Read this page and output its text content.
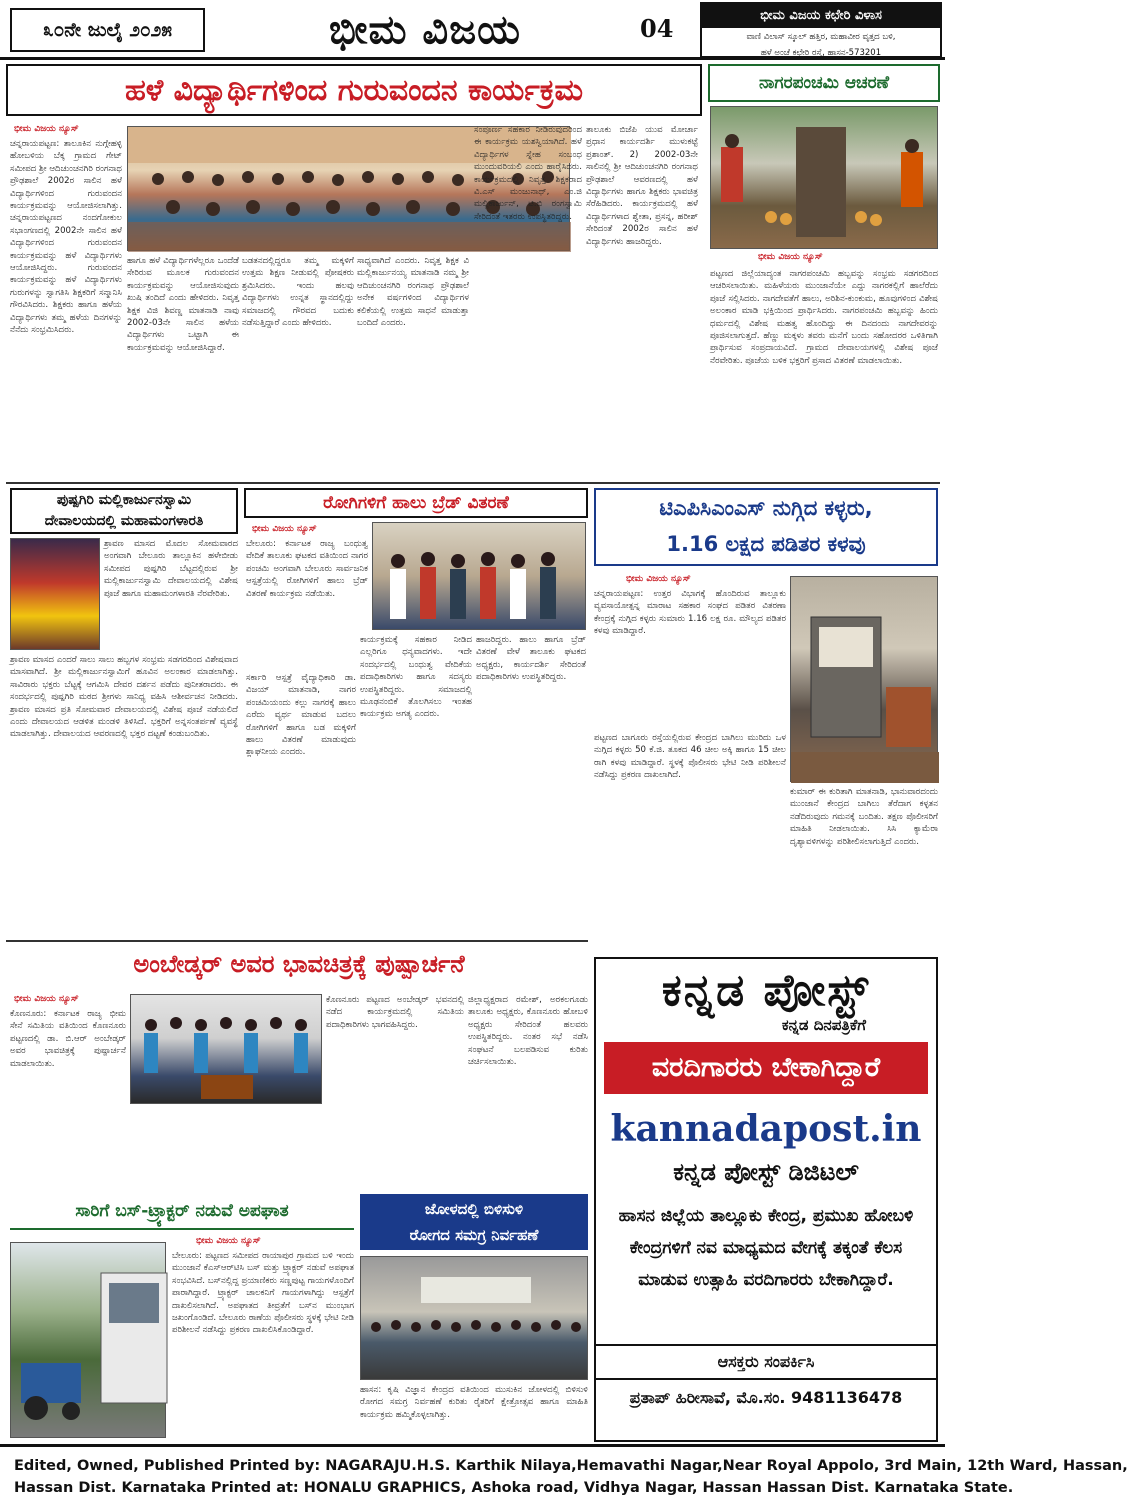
೩೦ನೇ ಜುಲೈ ೨೦೨೫	ಭೀಮ ವಿಜಯ	04	ಭೀಮ ವಿಜಯ ಕಛೇರಿ ವಿಳಾಸ
ವಾಣಿ ವಿಲಾಸ್ ಸ್ಕೂಲ್ ಹತ್ತಿರ, ಮಹಾವೀರ ವೃತ್ತದ ಬಳಿ,
ಹಳೆ ಅಂಚೆ ಕಛೇರಿ ರಸ್ತೆ, ಹಾಸನ-573201
ಹಳೆ ವಿದ್ಯಾರ್ಥಿಗಳಿಂದ ಗುರುವಂದನ ಕಾರ್ಯಕ್ರಮ
ಭೀಮ ವಿಜಯ ನ್ಯೂಸ್
ಚನ್ನರಾಯಪಟ್ಟಣ: ತಾಲೂಕಿನ ನುಗ್ಗೇಹಳ್ಳಿ ಹೋಬಳಿಯ ಬೆಕ್ಕ ಗ್ರಾಮದ ಗೇಟ್ ಸಮೀಪದ ಶ್ರೀ ಆದಿಚುಂಚನಗಿರಿ ರಂಗನಾಥ ಪ್ರೌಢಶಾಲೆ 2002ರ ಸಾಲಿನ ಹಳೆ ವಿದ್ಯಾರ್ಥಿಗಳಿಂದ ಗುರುವಂದನ ಕಾರ್ಯಕ್ರಮವನ್ನು ಆಯೋಜಿಸಲಾಗಿತ್ತು. ಚನ್ನರಾಯಪಟ್ಟಣದ ನಂದಗೋಕುಲ ಸಭಾಂಗಣದಲ್ಲಿ 2002ನೇ ಸಾಲಿನ ಹಳೆ ವಿದ್ಯಾರ್ಥಿಗಳಿಂದ ಗುರುವಂದನ ಕಾರ್ಯಕ್ರಮವನ್ನು ಹಳೆ ವಿದ್ಯಾರ್ಥಿಗಳು ಆಯೋಜಿಸಿದ್ದರು. ಗುರುವಂದನ ಕಾರ್ಯಕ್ರಮವನ್ನು ಹಳೆ ವಿದ್ಯಾರ್ಥಿಗಳು ಗುರುಗಳನ್ನು ಸ್ವಾಗತಿಸಿ ಶಿಕ್ಷಕರಿಗೆ ಸನ್ಮಾನಿಸಿ ಗೌರವಿಸಿದರು. ಶಿಕ್ಷಕರು ಹಾಗೂ ಹಳೆಯ ವಿದ್ಯಾರ್ಥಿಗಳು ತಮ್ಮ ಹಳೆಯ ದಿನಗಳನ್ನು ನೆನೆದು ಸಂಭ್ರಮಿಸಿದರು.
ಹಾಗೂ ಹಳೆ ವಿದ್ಯಾರ್ಥಿಗಳೆಲ್ಲರೂ ಒಂದೆಡೆ ಸೇರಿರುವ ಮೂಲಕ ಗುರುವಂದನ ಕಾರ್ಯಕ್ರಮವನ್ನು ಆಯೋಜಿಸುವುದು ಖುಷಿ ತಂದಿದೆ ಎಂದು ಹೇಳಿದರು. ನಿವೃತ್ತ ಶಿಕ್ಷಕ ವಿಜಿ ಶಿವಣ್ಣ ಮಾತನಾಡಿ ನಾವು 2002-03ನೇ ಸಾಲಿನ ಹಳೆಯ ವಿದ್ಯಾರ್ಥಿಗಳು ಒಟ್ಟಾಗಿ ಈ ಕಾರ್ಯಕ್ರಮವನ್ನು ಆಯೋಜಿಸಿದ್ದಾರೆ.
ಬಡತನದಲ್ಲಿದ್ದರೂ ತಮ್ಮ ಮಕ್ಕಳಿಗೆ ಉತ್ತಮ ಶಿಕ್ಷಣ ನೀಡುವಲ್ಲಿ ಪೋಷಕರು ಶ್ರಮಿಸಿದರು. ಇಂದು ಹಲವು ವಿದ್ಯಾರ್ಥಿಗಳು ಉನ್ನತ ಸ್ಥಾನದಲ್ಲಿದ್ದು ಸಮಾಜದಲ್ಲಿ ಗೌರವದ ಬದುಕು ನಡೆಸುತ್ತಿದ್ದಾರೆ ಎಂದು ಹೇಳಿದರು.
ಸಾಧ್ಯವಾಗಿದೆ ಎಂದರು. ನಿವೃತ್ತ ಶಿಕ್ಷಕ ವಿ ಮಲ್ಲಿಕಾರ್ಜುನಯ್ಯ ಮಾತನಾಡಿ ನಮ್ಮ ಶ್ರೀ ಆದಿಚುಂಚನಗಿರಿ ರಂಗನಾಥ ಪ್ರೌಢಶಾಲೆ ಅನೇಕ ವರ್ಷಗಳಿಂದ ವಿದ್ಯಾರ್ಥಿಗಳ ಕಲಿಕೆಯಲ್ಲಿ ಉತ್ತಮ ಸಾಧನೆ ಮಾಡುತ್ತಾ ಬಂದಿದೆ ಎಂದರು.
ಸಂಪೂರ್ಣ ಸಹಕಾರ ನೀಡಿರುವುದರಿಂದ ಈ ಕಾರ್ಯಕ್ರಮ ಯಶಸ್ವಿಯಾಗಿದೆ. ಹಳೆ ವಿದ್ಯಾರ್ಥಿಗಳ ಸ್ನೇಹ ಸಂಬಂಧ ಮುಂದುವರಿಯಲಿ ಎಂದು ಹಾರೈಸಿದರು. ಕಾರ್ಯಕ್ರಮದಲ್ಲಿ ನಿವೃತ್ತ ಶಿಕ್ಷಕರಾದ ವಿ.ಎಸ್ ಮಂಜುನಾಥ್, ಎಂ.ಜಿ ಮಲ್ಲಿಕಾರ್ಜುನ್, ಟಿ.ಬಿ ರಂಗಸ್ವಾಮಿ ಸೇರಿದಂತೆ ಇತರರು ಉಪಸ್ಥಿತರಿದ್ದರು.
ತಾಲೂಕು ಬಿಜೆಪಿ ಯುವ ಮೋರ್ಚಾ ಪ್ರಧಾನ ಕಾರ್ಯದರ್ಶಿ ಮುಳುಕಟ್ಟೆ ಪ್ರಶಾಂತ್. 2) 2002-03ನೇ ಸಾಲಿನಲ್ಲಿ ಶ್ರೀ ಆದಿಚುಂಚನಗಿರಿ ರಂಗನಾಥ ಪ್ರೌಢಶಾಲೆ ಆವರಣದಲ್ಲಿ ಹಳೆ ವಿದ್ಯಾರ್ಥಿಗಳು ಹಾಗೂ ಶಿಕ್ಷಕರು ಭಾವಚಿತ್ರ ಸೆರೆಹಿಡಿದರು. ಕಾರ್ಯಕ್ರಮದಲ್ಲಿ ಹಳೆ ವಿದ್ಯಾರ್ಥಿಗಳಾದ ಶ್ವೇತಾ, ಪ್ರಸನ್ನ, ಹರೀಶ್ ಸೇರಿದಂತೆ 2002ರ ಸಾಲಿನ ಹಳೆ ವಿದ್ಯಾರ್ಥಿಗಳು ಹಾಜರಿದ್ದರು.
ನಾಗರಪಂಚಮಿ ಆಚರಣೆ
ಭೀಮ ವಿಜಯ ನ್ಯೂಸ್
ಪಟ್ಟಣದ ಜಿಲ್ಲೆಯಾದ್ಯಂತ ನಾಗರಪಂಚಮಿ ಹಬ್ಬವನ್ನು ಸಂಭ್ರಮ ಸಡಗರದಿಂದ ಆಚರಿಸಲಾಯಿತು. ಮಹಿಳೆಯರು ಮುಂಜಾನೆಯೇ ಎದ್ದು ನಾಗರಕಲ್ಲಿಗೆ ಹಾಲೆರೆದು ಪೂಜೆ ಸಲ್ಲಿಸಿದರು. ನಾಗದೇವತೆಗೆ ಹಾಲು, ಅರಿಶಿನ-ಕುಂಕುಮ, ಹೂವುಗಳಿಂದ ವಿಶೇಷ ಅಲಂಕಾರ ಮಾಡಿ ಭಕ್ತಿಯಿಂದ ಪ್ರಾರ್ಥಿಸಿದರು. ನಾಗರಪಂಚಮಿ ಹಬ್ಬವನ್ನು ಹಿಂದು ಧರ್ಮದಲ್ಲಿ ವಿಶೇಷ ಮಹತ್ವ ಹೊಂದಿದ್ದು ಈ ದಿನದಂದು ನಾಗದೇವರನ್ನು ಪೂಜಿಸಲಾಗುತ್ತದೆ. ಹೆಣ್ಣು ಮಕ್ಕಳು ತವರು ಮನೆಗೆ ಬಂದು ಸಹೋದರರ ಒಳಿತಿಗಾಗಿ ಪ್ರಾರ್ಥಿಸುವ ಸಂಪ್ರದಾಯವಿದೆ. ಗ್ರಾಮದ ದೇವಾಲಯಗಳಲ್ಲಿ ವಿಶೇಷ ಪೂಜೆ ನೆರವೇರಿತು. ಪೂಜೆಯ ಬಳಿಕ ಭಕ್ತರಿಗೆ ಪ್ರಸಾದ ವಿತರಣೆ ಮಾಡಲಾಯಿತು.
ಪುಷ್ಪಗಿರಿ ಮಲ್ಲಿಕಾರ್ಜುನಸ್ವಾಮಿ
ದೇವಾಲಯದಲ್ಲಿ ಮಹಾಮಂಗಳಾರತಿ
ಶ್ರಾವಣ ಮಾಸದ ಮೊದಲ ಸೋಮವಾರದ ಅಂಗವಾಗಿ ಬೇಲೂರು ತಾಲ್ಲೂಕಿನ ಹಳೇಬೀಡು ಸಮೀಪದ ಪುಷ್ಪಗಿರಿ ಬೆಟ್ಟದಲ್ಲಿರುವ ಶ್ರೀ ಮಲ್ಲಿಕಾರ್ಜುನಸ್ವಾಮಿ ದೇವಾಲಯದಲ್ಲಿ ವಿಶೇಷ ಪೂಜೆ ಹಾಗೂ ಮಹಾಮಂಗಳಾರತಿ ನೆರವೇರಿತು.
ಶ್ರಾವಣ ಮಾಸದ ಎಂದರೆ ಸಾಲು ಸಾಲು ಹಬ್ಬಗಳ ಸಂಭ್ರಮ ಸಡಗರದಿಂದ ವಿಶೇಷವಾದ ಮಾಸವಾಗಿದೆ. ಶ್ರೀ ಮಲ್ಲಿಕಾರ್ಜುನಸ್ವಾಮಿಗೆ ಹೂವಿನ ಅಲಂಕಾರ ಮಾಡಲಾಗಿತ್ತು. ಸಾವಿರಾರು ಭಕ್ತರು ಬೆಟ್ಟಕ್ಕೆ ಆಗಮಿಸಿ ದೇವರ ದರ್ಶನ ಪಡೆದು ಪುನೀತರಾದರು. ಈ ಸಂದರ್ಭದಲ್ಲಿ ಪುಷ್ಪಗಿರಿ ಮಠದ ಶ್ರೀಗಳು ಸಾನಿಧ್ಯ ವಹಿಸಿ ಆಶೀರ್ವಚನ ನೀಡಿದರು. ಶ್ರಾವಣ ಮಾಸದ ಪ್ರತಿ ಸೋಮವಾರ ದೇವಾಲಯದಲ್ಲಿ ವಿಶೇಷ ಪೂಜೆ ನಡೆಯಲಿದೆ ಎಂದು ದೇವಾಲಯದ ಆಡಳಿತ ಮಂಡಳಿ ತಿಳಿಸಿದೆ. ಭಕ್ತರಿಗೆ ಅನ್ನಸಂತರ್ಪಣೆ ವ್ಯವಸ್ಥೆ ಮಾಡಲಾಗಿತ್ತು. ದೇವಾಲಯದ ಆವರಣದಲ್ಲಿ ಭಕ್ತರ ದಟ್ಟಣೆ ಕಂಡುಬಂದಿತು.
ರೋಗಿಗಳಿಗೆ ಹಾಲು ಬ್ರೆಡ್ ವಿತರಣೆ
ಭೀಮ ವಿಜಯ ನ್ಯೂಸ್
ಬೇಲೂರು: ಕರ್ನಾಟಕ ರಾಜ್ಯ ಬಂಧುತ್ವ ವೇದಿಕೆ ತಾಲೂಕು ಘಟಕದ ವತಿಯಿಂದ ನಾಗರ ಪಂಚಮಿ ಅಂಗವಾಗಿ ಬೇಲೂರು ಸಾರ್ವಜನಿಕ ಆಸ್ಪತ್ರೆಯಲ್ಲಿ ರೋಗಿಗಳಿಗೆ ಹಾಲು ಬ್ರೆಡ್ ವಿತರಣೆ ಕಾರ್ಯಕ್ರಮ ನಡೆಯಿತು.
ಸರ್ಕಾರಿ ಆಸ್ಪತ್ರೆ ವೈದ್ಯಾಧಿಕಾರಿ ಡಾ. ವಿಜಯ್ ಮಾತನಾಡಿ, ನಾಗರ ಪಂಚಮಿಯಂದು ಕಲ್ಲು ನಾಗರಕ್ಕೆ ಹಾಲು ಎರೆದು ವ್ಯರ್ಥ ಮಾಡುವ ಬದಲು ರೋಗಿಗಳಿಗೆ ಹಾಗೂ ಬಡ ಮಕ್ಕಳಿಗೆ ಹಾಲು ವಿತರಣೆ ಮಾಡುವುದು ಶ್ಲಾಘನೀಯ ಎಂದರು.
ಕಾರ್ಯಕ್ರಮಕ್ಕೆ ಸಹಕಾರ ನೀಡಿದ ಎಲ್ಲರಿಗೂ ಧನ್ಯವಾದಗಳು. ಇದೇ ಸಂದರ್ಭದಲ್ಲಿ ಬಂಧುತ್ವ ವೇದಿಕೆಯ ಪದಾಧಿಕಾರಿಗಳು ಹಾಗೂ ಸದಸ್ಯರು ಉಪಸ್ಥಿತರಿದ್ದರು. ಸಮಾಜದಲ್ಲಿ ಮೂಢನಂಬಿಕೆ ತೊಲಗಿಸಲು ಇಂತಹ ಕಾರ್ಯಕ್ರಮ ಅಗತ್ಯ ಎಂದರು.
ಹಾಜರಿದ್ದರು. ಹಾಲು ಹಾಗೂ ಬ್ರೆಡ್ ವಿತರಣೆ ವೇಳೆ ತಾಲೂಕು ಘಟಕದ ಅಧ್ಯಕ್ಷರು, ಕಾರ್ಯದರ್ಶಿ ಸೇರಿದಂತೆ ಪದಾಧಿಕಾರಿಗಳು ಉಪಸ್ಥಿತರಿದ್ದರು.
ಟಿಎಪಿಸಿಎಂಎಸ್ ನುಗ್ಗಿದ ಕಳ್ಳರು,
1.16 ಲಕ್ಷದ ಪಡಿತರ ಕಳವು
ಭೀಮ ವಿಜಯ ನ್ಯೂಸ್
ಚನ್ನರಾಯಪಟ್ಟಣ: ಉತ್ತರ ವಿಭಾಗಕ್ಕೆ ಹೊಂದಿರುವ ತಾಲ್ಲೂಕು ವ್ಯವಸಾಯೋತ್ಪನ್ನ ಮಾರಾಟ ಸಹಕಾರ ಸಂಘದ ಪಡಿತರ ವಿತರಣಾ ಕೇಂದ್ರಕ್ಕೆ ನುಗ್ಗಿದ ಕಳ್ಳರು ಸುಮಾರು 1.16 ಲಕ್ಷ ರೂ. ಮೌಲ್ಯದ ಪಡಿತರ ಕಳವು ಮಾಡಿದ್ದಾರೆ.
ಪಟ್ಟಣದ ಬಾಗೂರು ರಸ್ತೆಯಲ್ಲಿರುವ ಕೇಂದ್ರದ ಬಾಗಿಲು ಮುರಿದು ಒಳ ನುಗ್ಗಿದ ಕಳ್ಳರು 50 ಕೆ.ಜಿ. ತೂಕದ 46 ಚೀಲ ಅಕ್ಕಿ ಹಾಗೂ 15 ಚೀಲ ರಾಗಿ ಕಳವು ಮಾಡಿದ್ದಾರೆ. ಸ್ಥಳಕ್ಕೆ ಪೊಲೀಸರು ಭೇಟಿ ನೀಡಿ ಪರಿಶೀಲನೆ ನಡೆಸಿದ್ದು ಪ್ರಕರಣ ದಾಖಲಾಗಿದೆ.
ಕುಮಾರ್ ಈ ಕುರಿತಾಗಿ ಮಾತನಾಡಿ, ಭಾನುವಾರದಂದು ಮುಂಜಾನೆ ಕೇಂದ್ರದ ಬಾಗಿಲು ತೆರೆದಾಗ ಕಳ್ಳತನ ನಡೆದಿರುವುದು ಗಮನಕ್ಕೆ ಬಂದಿತು. ತಕ್ಷಣ ಪೊಲೀಸರಿಗೆ ಮಾಹಿತಿ ನೀಡಲಾಯಿತು. ಸಿಸಿ ಕ್ಯಾಮೆರಾ ದೃಶ್ಯಾವಳಿಗಳನ್ನು ಪರಿಶೀಲಿಸಲಾಗುತ್ತಿದೆ ಎಂದರು.
ಅಂಬೇಡ್ಕರ್ ಅವರ ಭಾವಚಿತ್ರಕ್ಕೆ ಪುಷ್ಪಾರ್ಚನೆ
ಭೀಮ ವಿಜಯ ನ್ಯೂಸ್
ಕೊಣನೂರು: ಕರ್ನಾಟಕ ರಾಜ್ಯ ಭೀಮ ಸೇನೆ ಸಮಿತಿಯ ವತಿಯಿಂದ ಕೊಣನೂರು ಪಟ್ಟಣದಲ್ಲಿ ಡಾ. ಬಿ.ಆರ್ ಅಂಬೇಡ್ಕರ್ ಅವರ ಭಾವಚಿತ್ರಕ್ಕೆ ಪುಷ್ಪಾರ್ಚನೆ ಮಾಡಲಾಯಿತು.
ಕೊಣನೂರು ಪಟ್ಟಣದ ಅಂಬೇಡ್ಕರ್ ಭವನದಲ್ಲಿ ನಡೆದ ಕಾರ್ಯಕ್ರಮದಲ್ಲಿ ಸಮಿತಿಯ ಪದಾಧಿಕಾರಿಗಳು ಭಾಗವಹಿಸಿದ್ದರು.
ಜಿಲ್ಲಾಧ್ಯಕ್ಷರಾದ ರಮೇಶ್, ಅರಕಲಗೂಡು ತಾಲೂಕು ಅಧ್ಯಕ್ಷರು, ಕೊಣನೂರು ಹೋಬಳಿ ಅಧ್ಯಕ್ಷರು ಸೇರಿದಂತೆ ಹಲವರು ಉಪಸ್ಥಿತರಿದ್ದರು. ನಂತರ ಸಭೆ ನಡೆಸಿ ಸಂಘಟನೆ ಬಲಪಡಿಸುವ ಕುರಿತು ಚರ್ಚಿಸಲಾಯಿತು.
ಸಾರಿಗೆ ಬಸ್-ಟ್ರ್ಯಾಕ್ಟರ್ ನಡುವೆ ಅಪಘಾತ
ಭೀಮ ವಿಜಯ ನ್ಯೂಸ್
ಬೇಲೂರು: ಪಟ್ಟಣದ ಸಮೀಪದ ರಾಯಾಪುರ ಗ್ರಾಮದ ಬಳಿ ಇಂದು ಮುಂಜಾನೆ ಕೆಎಸ್ಆರ್‌ಟಿಸಿ ಬಸ್ ಮತ್ತು ಟ್ರ್ಯಾಕ್ಟರ್ ನಡುವೆ ಅಪಘಾತ ಸಂಭವಿಸಿದೆ. ಬಸ್‌ನಲ್ಲಿದ್ದ ಪ್ರಯಾಣಿಕರು ಸಣ್ಣಪುಟ್ಟ ಗಾಯಗಳೊಂದಿಗೆ ಪಾರಾಗಿದ್ದಾರೆ. ಟ್ರ್ಯಾಕ್ಟರ್ ಚಾಲಕನಿಗೆ ಗಾಯಗಳಾಗಿದ್ದು ಆಸ್ಪತ್ರೆಗೆ ದಾಖಲಿಸಲಾಗಿದೆ. ಅಪಘಾತದ ತೀವ್ರತೆಗೆ ಬಸ್‌ನ ಮುಂಭಾಗ ಜಖಂಗೊಂಡಿದೆ. ಬೇಲೂರು ಠಾಣೆಯ ಪೊಲೀಸರು ಸ್ಥಳಕ್ಕೆ ಭೇಟಿ ನೀಡಿ ಪರಿಶೀಲನೆ ನಡೆಸಿದ್ದು ಪ್ರಕರಣ ದಾಖಲಿಸಿಕೊಂಡಿದ್ದಾರೆ.
ಜೋಳದಲ್ಲಿ ಬಿಳಿಸುಳಿ
ರೋಗದ ಸಮಗ್ರ ನಿರ್ವಹಣೆ
ಹಾಸನ: ಕೃಷಿ ವಿಜ್ಞಾನ ಕೇಂದ್ರದ ವತಿಯಿಂದ ಮುಸುಕಿನ ಜೋಳದಲ್ಲಿ ಬಿಳಿಸುಳಿ ರೋಗದ ಸಮಗ್ರ ನಿರ್ವಹಣೆ ಕುರಿತು ರೈತರಿಗೆ ಕ್ಷೇತ್ರೋತ್ಸವ ಹಾಗೂ ಮಾಹಿತಿ ಕಾರ್ಯಕ್ರಮ ಹಮ್ಮಿಕೊಳ್ಳಲಾಗಿತ್ತು.
ಕನ್ನಡ ಪೋಸ್ಟ್
ಕನ್ನಡ ದಿನಪತ್ರಿಕೆಗೆ
ವರದಿಗಾರರು ಬೇಕಾಗಿದ್ದಾರೆ
kannadapost.in
ಕನ್ನಡ ಪೋಸ್ಟ್ ಡಿಜಿಟಲ್
ಹಾಸನ ಜಿಲ್ಲೆಯ ತಾಲ್ಲೂಕು ಕೇಂದ್ರ, ಪ್ರಮುಖ ಹೋಬಳಿ ಕೇಂದ್ರಗಳಿಗೆ ನವ ಮಾಧ್ಯಮದ ವೇಗಕ್ಕೆ ತಕ್ಕಂತೆ ಕೆಲಸ ಮಾಡುವ ಉತ್ಸಾಹಿ ವರದಿಗಾರರು ಬೇಕಾಗಿದ್ದಾರೆ.
ಆಸಕ್ತರು ಸಂಪರ್ಕಿಸಿ
ಪ್ರತಾಪ್ ಹಿರೀಸಾವೆ, ಮೊ.ಸಂ. 9481136478
Edited, Owned, Published Printed by: NAGARAJU.H.S. Karthik Nilaya,Hemavathi Nagar,Near Royal Appolo, 3rd Main, 12th Ward, Hassan,
Hassan Dist. Karnataka Printed at: HONALU GRAPHICS, Ashoka road, Vidhya Nagar, Hassan Hassan Dist. Karnataka State.
